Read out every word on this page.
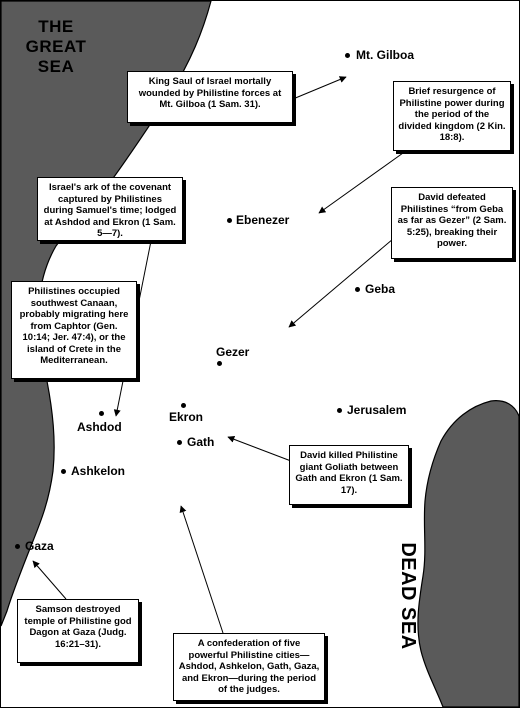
THE GREAT SEA
DEAD SEA
Mt. Gilboa
Ebenezer
Geba
Gezer
Ekron	Jerusalem
Ashdod
Gath
Ashkelon
Gaza
King Saul of Israel mortally wounded by Philistine forces at Mt. Gilboa (1 Sam. 31).
Brief resurgence of Philistine power during the period of the divided kingdom (2 Kin. 18:8).
Israel's ark of the covenant captured by Philistines during Samuel's time; lodged at Ashdod and Ekron (1 Sam. 5—7).
David defeated Philistines “from Geba as far as Gezer” (2 Sam. 5:25), breaking their power.
Philistines occupied southwest Canaan, probably migrating here from Caphtor (Gen. 10:14; Jer. 47:4), or the island of Crete in the Mediterranean.
David killed Philistine giant Goliath between Gath and Ekron (1 Sam. 17).
Samson destroyed temple of Philistine god Dagon at Gaza (Judg. 16:21–31).	A confederation of five powerful Philistine cities—Ashdod, Ashkelon, Gath, Gaza, and Ekron—during the period of the judges.
